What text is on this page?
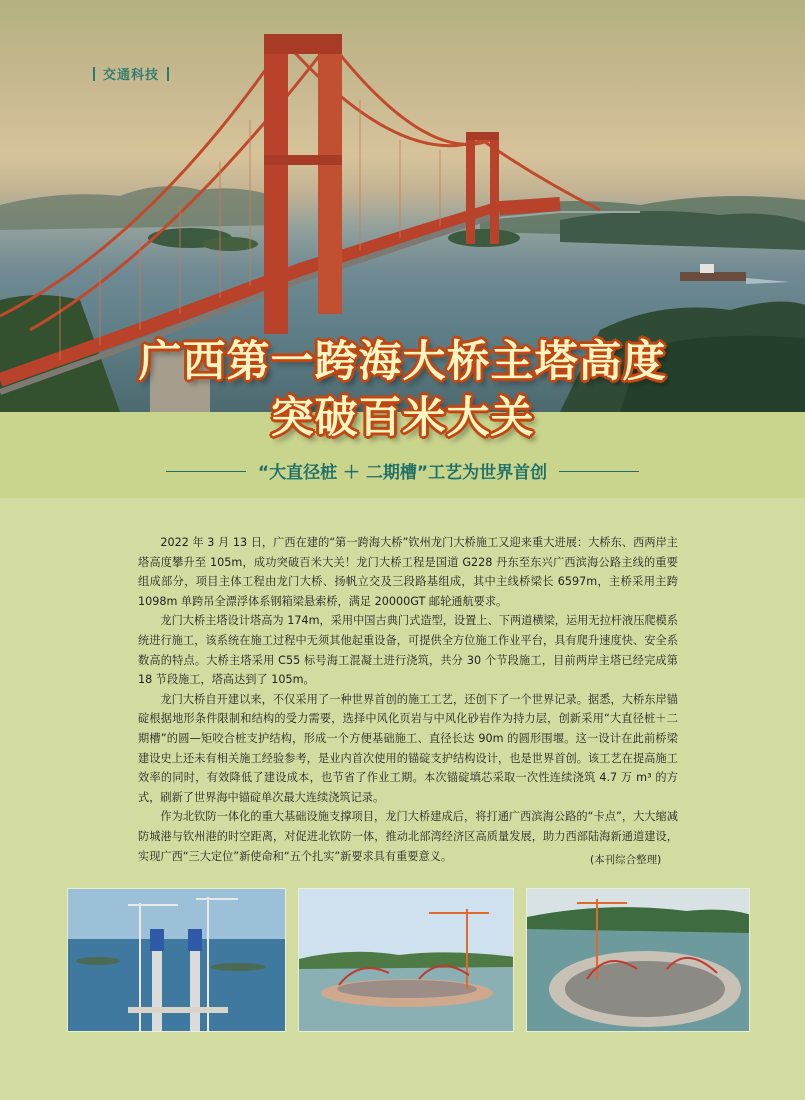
交通科技
广西第一跨海大桥主塔高度
突破百米大关
“大直径桩 ＋ 二期槽”工艺为世界首创

2022 年 3 月 13 日，广西在建的“第一跨海大桥”钦州龙门大桥施工又迎来重大进展：大桥东、西两岸主塔高度攀升至 105m，成功突破百米大关！龙门大桥工程是国道 G228 丹东至东兴广西滨海公路主线的重要组成部分，项目主体工程由龙门大桥、扬帆立交及三段路基组成，其中主线桥梁长 6597m，主桥采用主跨 1098m 单跨吊全漂浮体系钢箱梁悬索桥，满足 20000GT 邮轮通航要求。

龙门大桥主塔设计塔高为 174m，采用中国古典门式造型，设置上、下两道横梁，运用无拉杆液压爬模系统进行施工，该系统在施工过程中无须其他起重设备，可提供全方位施工作业平台，具有爬升速度快、安全系数高的特点。大桥主塔采用 C55 标号海工混凝土进行浇筑，共分 30 个节段施工，目前两岸主塔已经完成第 18 节段施工，塔高达到了 105m。

龙门大桥自开建以来，不仅采用了一种世界首创的施工工艺，还创下了一个世界记录。据悉，大桥东岸锚碇根据地形条件限制和结构的受力需要，选择中风化页岩与中风化砂岩作为持力层，创新采用“大直径桩＋二期槽”的圆—矩咬合桩支护结构，形成一个方便基础施工、直径长达 90m 的圆形围堰。这一设计在此前桥梁建设史上还未有相关施工经验参考，是业内首次使用的锚碇支护结构设计，也是世界首创。该工艺在提高施工效率的同时，有效降低了建设成本，也节省了作业工期。本次锚碇填芯采取一次性连续浇筑 4.7 万 m³ 的方式，刷新了世界海中锚碇单次最大连续浇筑记录。

作为北钦防一体化的重大基础设施支撑项目，龙门大桥建成后，将打通广西滨海公路的“卡点”，大大缩减防城港与钦州港的时空距离，对促进北钦防一体，推动北部湾经济区高质量发展，助力西部陆海新通道建设，实现广西“三大定位”新使命和“五个扎实”新要求具有重要意义。	(本刊综合整理)
